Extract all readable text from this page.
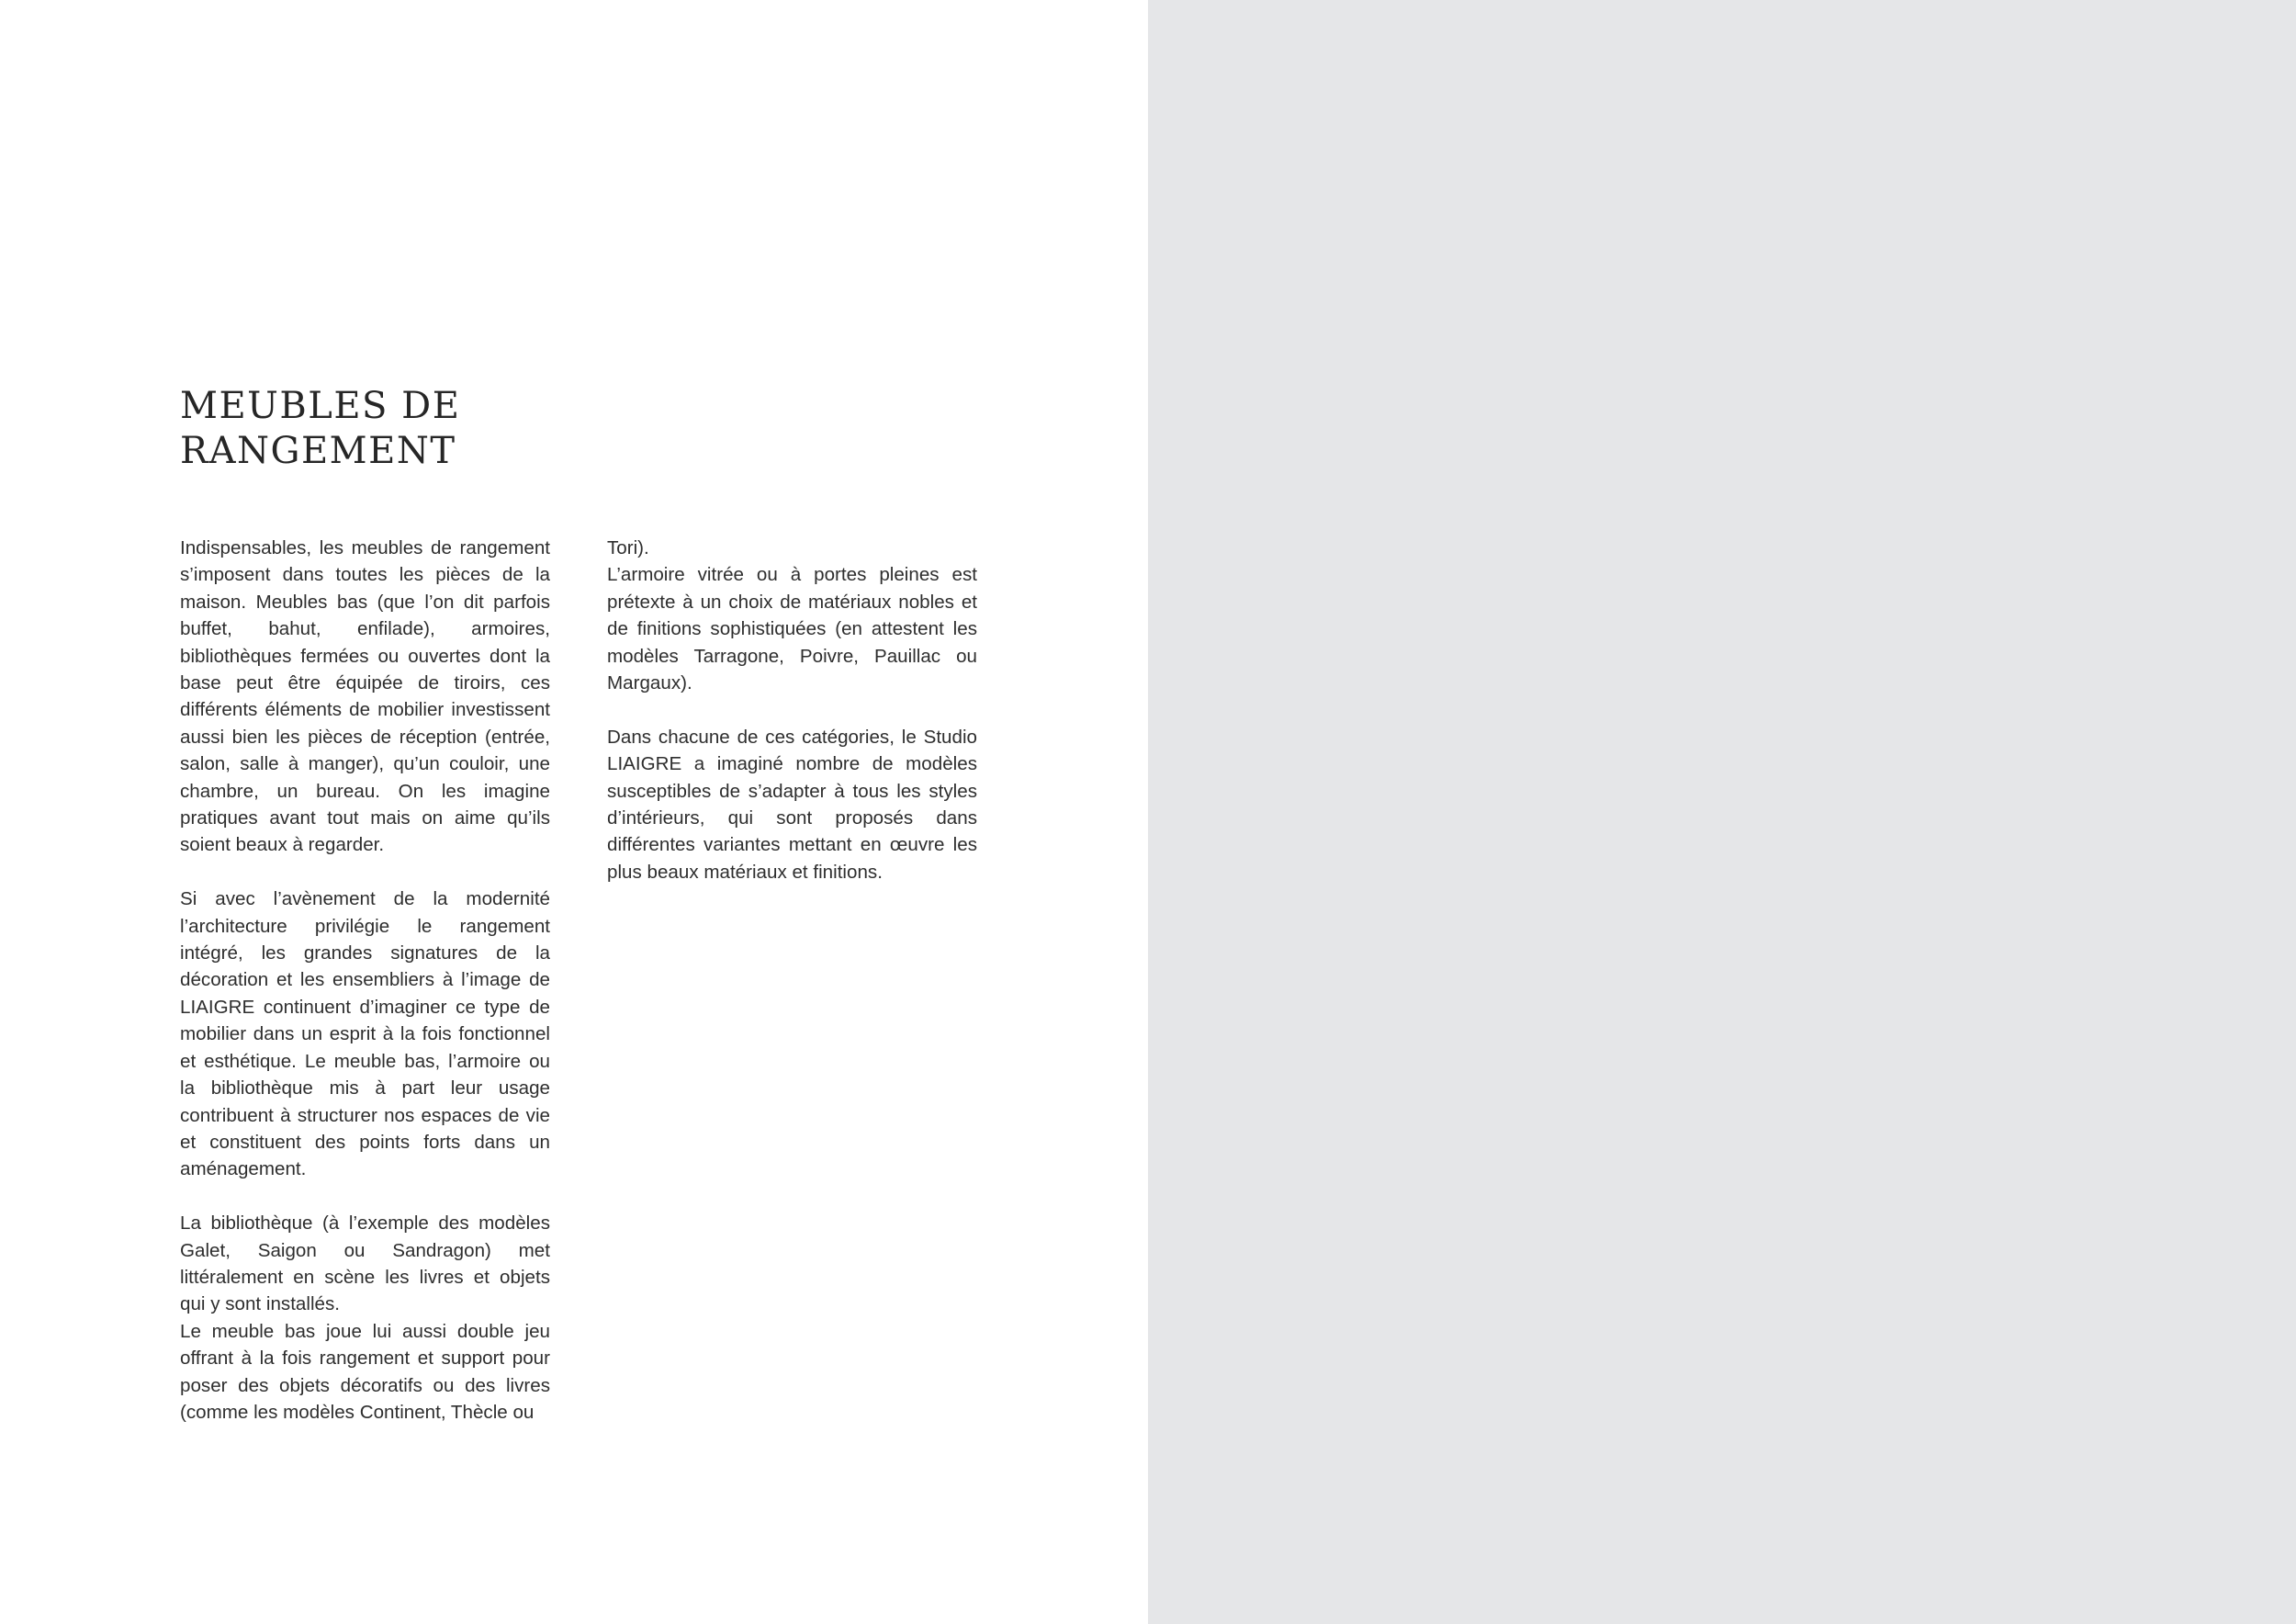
MEUBLES DE
RANGEMENT

Indispensables, les meubles de rangement s’imposent dans toutes les pièces de la maison. Meubles bas (que l’on dit parfois buffet, bahut, enfilade), armoires, bibliothèques fermées ou ouvertes dont la base peut être équipée de tiroirs, ces différents éléments de mobilier investissent aussi bien les pièces de réception (entrée, salon, salle à manger), qu’un couloir, une chambre, un bureau. On les imagine pratiques avant tout mais on aime qu’ils soient beaux à regarder.

Si avec l’avènement de la modernité l’architecture privilégie le rangement intégré, les grandes signatures de la décoration et les ensembliers à l’image de LIAIGRE continuent d’imaginer ce type de mobilier dans un esprit à la fois fonctionnel et esthétique. Le meuble bas, l’armoire ou la bibliothèque mis à part leur usage contribuent à structurer nos espaces de vie et constituent des points forts dans un aménagement.

La bibliothèque (à l’exemple des modèles Galet, Saigon ou Sandragon) met littéralement en scène les livres et objets qui y sont installés.

Le meuble bas joue lui aussi double jeu offrant à la fois rangement et support pour poser des objets décoratifs ou des livres (comme les modèles Continent, Thècle ou

Tori).

L’armoire vitrée ou à portes pleines est prétexte à un choix de matériaux nobles et de finitions sophistiquées (en attestent les modèles Tarragone, Poivre, Pauillac ou Margaux).

Dans chacune de ces catégories, le Studio LIAIGRE a imaginé nombre de modèles susceptibles de s’adapter à tous les styles d’intérieurs, qui sont proposés dans différentes variantes mettant en œuvre les plus beaux matériaux et finitions.
